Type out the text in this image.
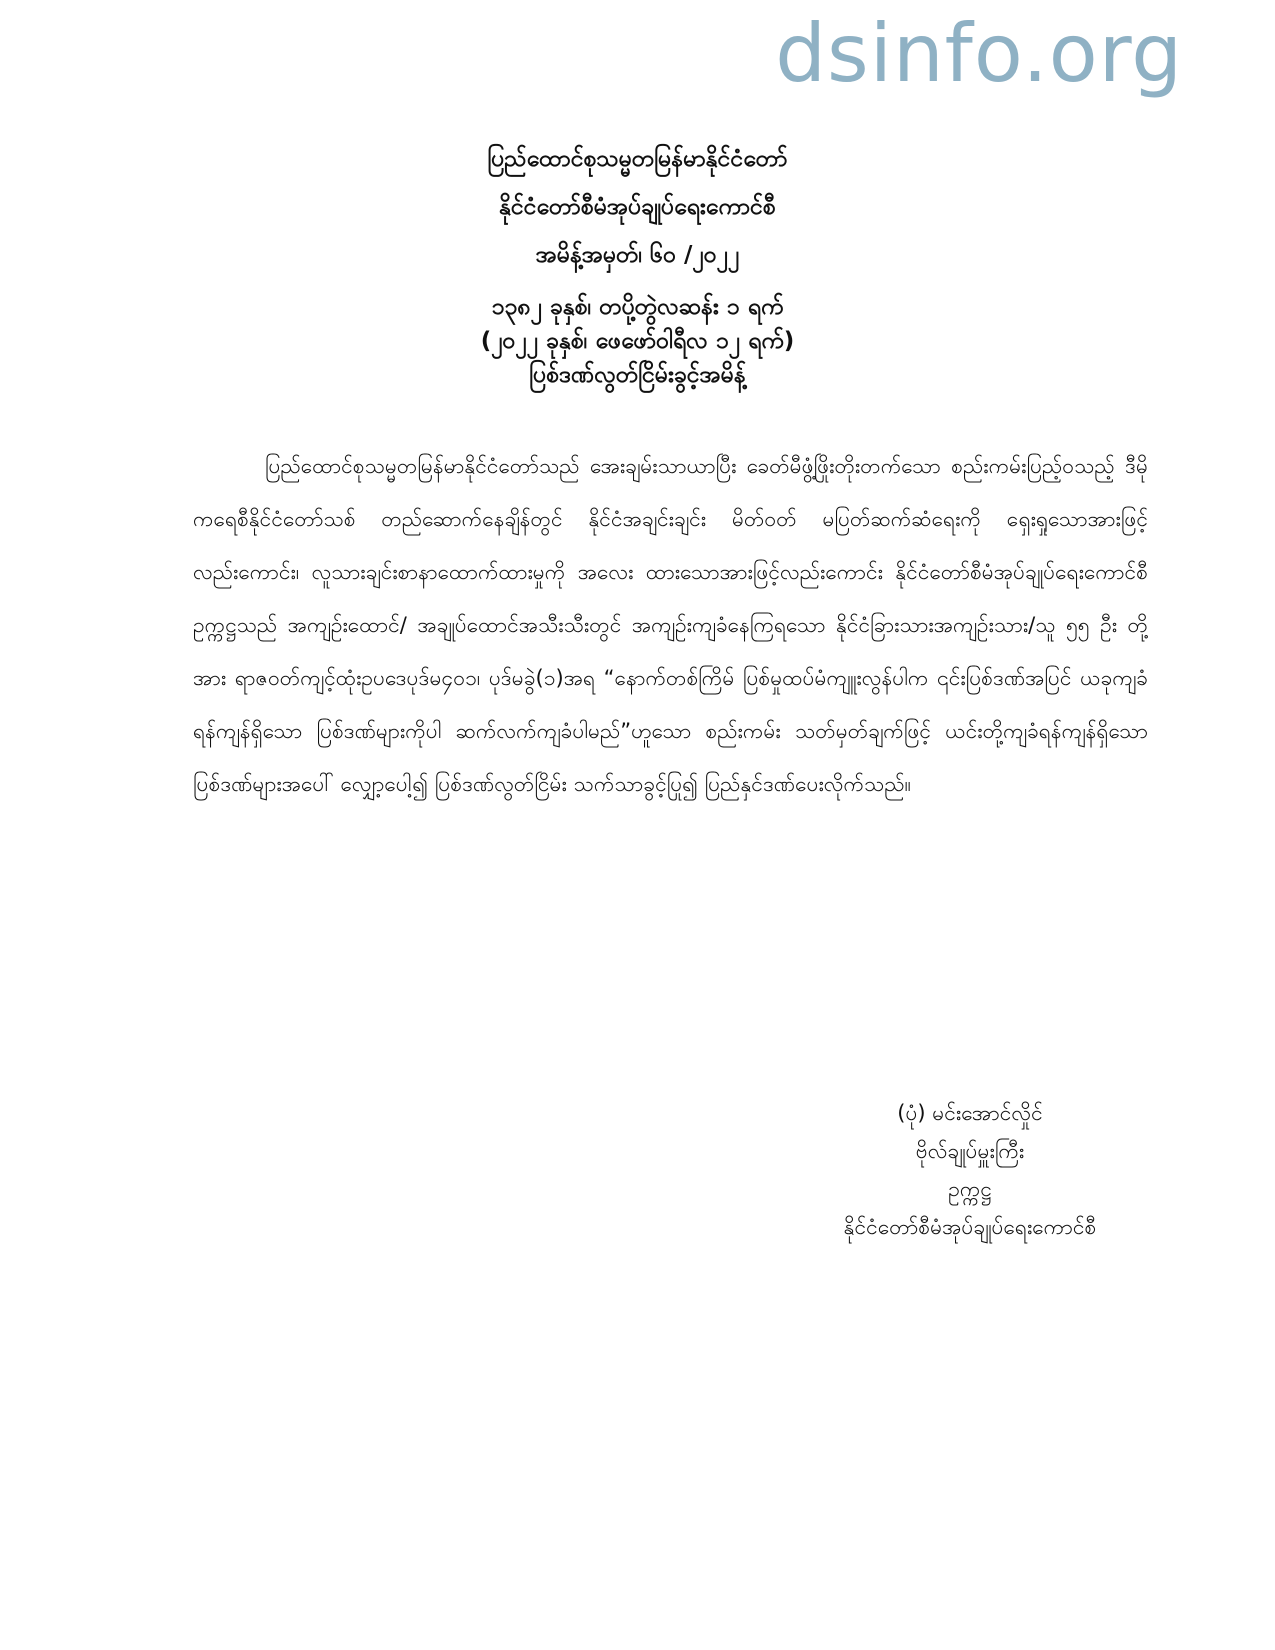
dsinfo.org
ပြည်ထောင်စုသမ္မတမြန်မာနိုင်ငံတော်
နိုင်ငံတော်စီမံအုပ်ချုပ်ရေးကောင်စီ
အမိန့်အမှတ်၊ ၆၀ /၂၀၂၂
၁၃၈၂ ခုနှစ်၊ တပို့တွဲလဆန်း ၁ ရက်
(၂၀၂၂ ခုနှစ်၊ ဖေဖော်ဝါရီလ ၁၂ ရက်)
ပြစ်ဒဏ်လွတ်ငြိမ်းခွင့်အမိန့်
ပြည်ထောင်စုသမ္မတမြန်မာနိုင်ငံတော်သည် အေးချမ်းသာယာပြီး ခေတ်မီဖွံ့ဖြိုးတိုးတက်သော စည်းကမ်းပြည့်ဝသည့် ဒီမိုကရေစီနိုင်ငံတော်သစ် တည်ဆောက်နေချိန်တွင် နိုင်ငံအချင်းချင်း မိတ်ဝတ် မပြတ်ဆက်ဆံရေးကို ရှေးရှုသောအားဖြင့်လည်းကောင်း၊ လူသားချင်းစာနာထောက်ထားမှုကို အလေး ထားသောအားဖြင့်လည်းကောင်း နိုင်ငံတော်စီမံအုပ်ချုပ်ရေးကောင်စီဥက္ကဋ္ဌသည် အကျဉ်းထောင်/ အချုပ်ထောင်အသီးသီးတွင် အကျဉ်းကျခံနေကြရသော နိုင်ငံခြားသားအကျဉ်းသား/သူ ၅၅ ဦး တို့အား ရာဇဝတ်ကျင့်ထုံးဥပဒေပုဒ်မ၄၀၁၊ ပုဒ်မခွဲ(၁)အရ “နောက်တစ်ကြိမ် ပြစ်မှုထပ်မံကျူးလွန်ပါက ၎င်းပြစ်ဒဏ်အပြင် ယခုကျခံရန်ကျန်ရှိသော ပြစ်ဒဏ်များကိုပါ ဆက်လက်ကျခံပါမည်”ဟူသော စည်းကမ်း သတ်မှတ်ချက်ဖြင့် ယင်းတို့ကျခံရန်ကျန်ရှိသော ပြစ်ဒဏ်များအပေါ် လျှော့ပေါ့၍ ပြစ်ဒဏ်လွတ်ငြိမ်း သက်သာခွင့်ပြု၍ ပြည်နှင်ဒဏ်ပေးလိုက်သည်။
(ပုံ) မင်းအောင်လှိုင်
ဗိုလ်ချုပ်မှူးကြီး
ဥက္ကဋ္ဌ
နိုင်ငံတော်စီမံအုပ်ချုပ်ရေးကောင်စီ
